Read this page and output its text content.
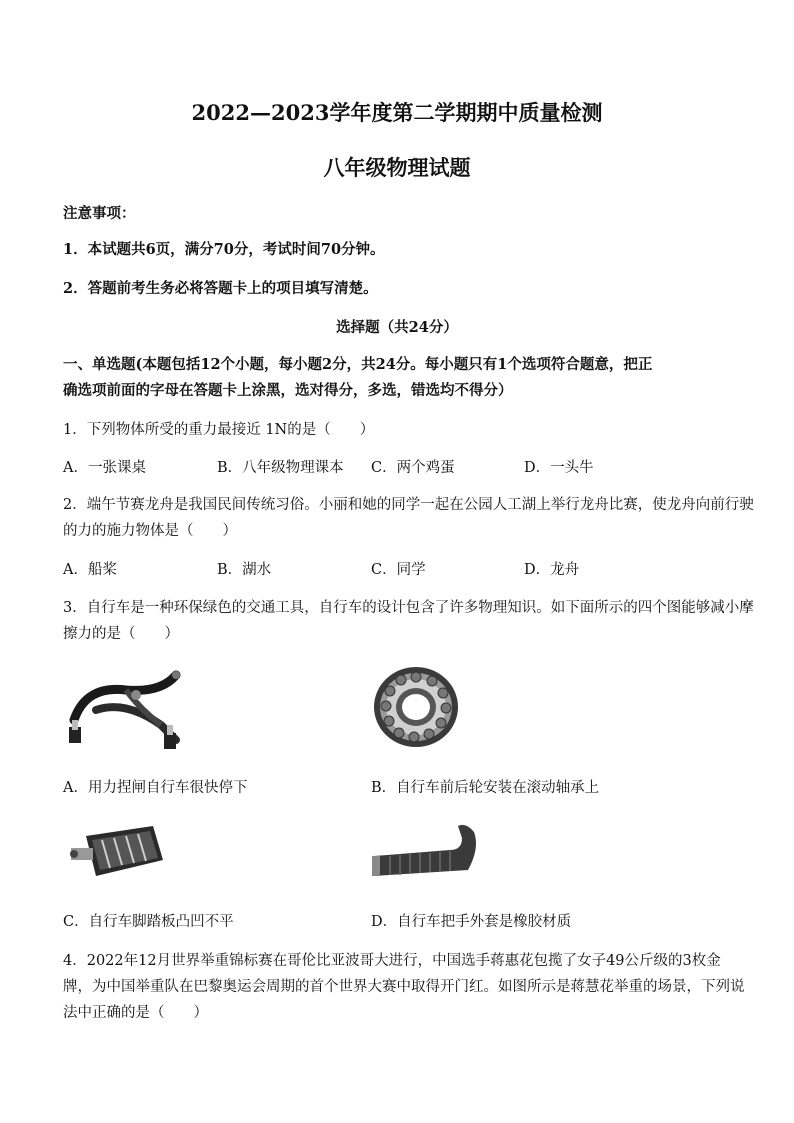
2022—2023学年度第二学期期中质量检测
八年级物理试题
注意事项：
1．本试题共6页，满分70分，考试时间70分钟。
2．答题前考生务必将答题卡上的项目填写清楚。
选择题（共24分）
一、单选题(本题包括12个小题，每小题2分，共24分。每小题只有1个选项符合题意，把正
确选项前面的字母在答题卡上涂黑，选对得分，多选，错选均不得分）
1．下列物体所受的重力最接近 1N的是（　　）
A．一张课桌	B．八年级物理课本 C．两个鸡蛋	D．一头牛
2．端午节赛龙舟是我国民间传统习俗。小丽和她的同学一起在公园人工湖上举行龙舟比赛，使龙舟向前行驶
的力的施力物体是（　　）
A．船桨	B．湖水	C．同学	D．龙舟
3．自行车是一种环保绿色的交通工具，自行车的设计包含了许多物理知识。如下面所示的四个图能够减小摩
擦力的是（　　）
A．用力捏闸自行车很快停下	B．自行车前后轮安装在滚动轴承上
C．自行车脚踏板凸凹不平	D．自行车把手外套是橡胶材质
4．2022年12月世界举重锦标赛在哥伦比亚波哥大进行，中国选手蒋惠花包揽了女子49公斤级的3枚金
牌，为中国举重队在巴黎奥运会周期的首个世界大赛中取得开门红。如图所示是蒋慧花举重的场景，下列说
法中正确的是（　　）
